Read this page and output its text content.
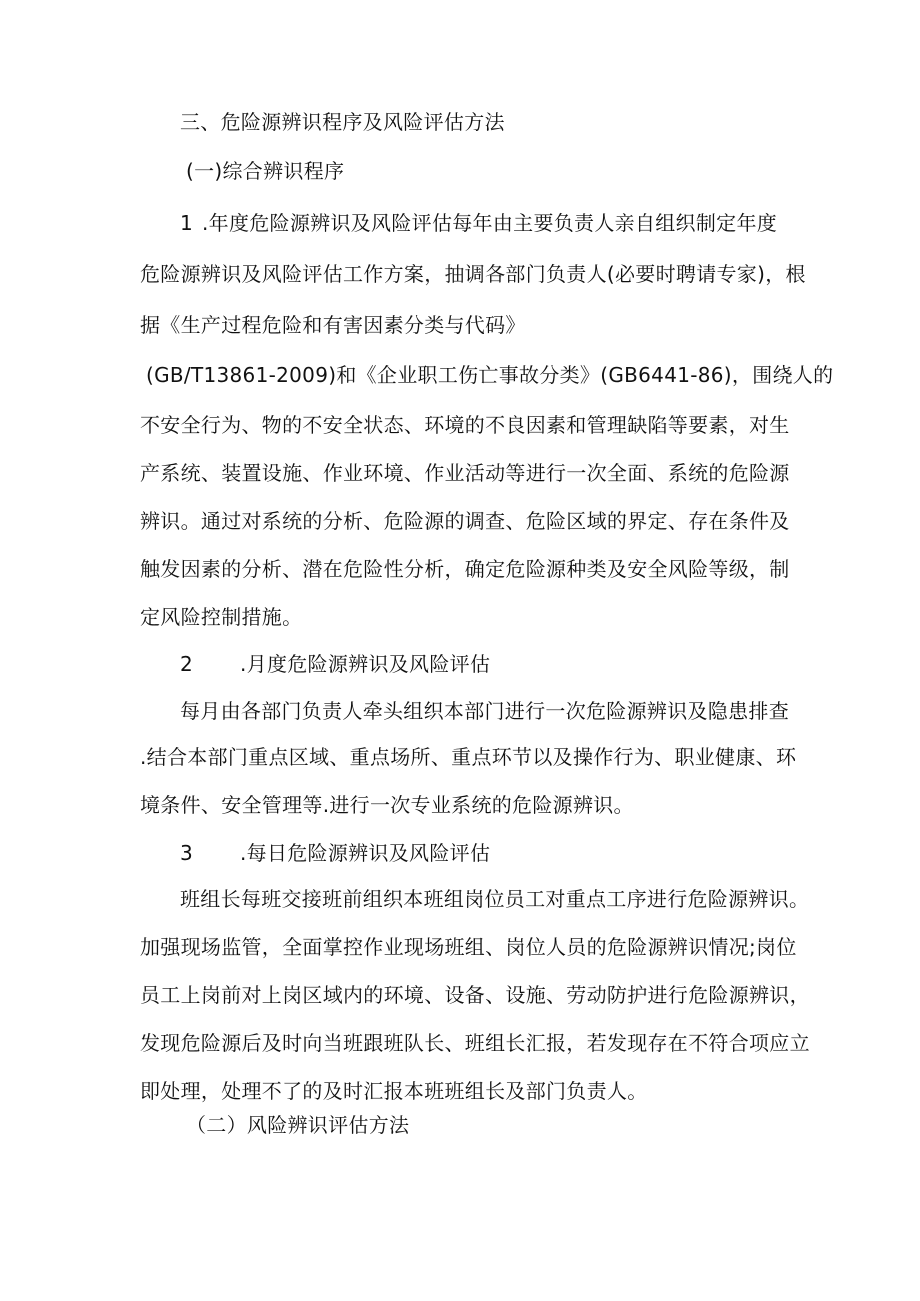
三、危险源辨识程序及风险评估方法
(一)综合辨识程序
1 .年度危险源辨识及风险评估每年由主要负责人亲自组织制定年度
危险源辨识及风险评估工作方案，抽调各部门负责人(必要时聘请专家)，根
据《生产过程危险和有害因素分类与代码》
(GB/T13861-2009)和《企业职工伤亡事故分类》(GB6441-86)，围绕人的
不安全行为、物的不安全状态、环境的不良因素和管理缺陷等要素，对生
产系统、装置设施、作业环境、作业活动等进行一次全面、系统的危险源
辨识。通过对系统的分析、危险源的调查、危险区域的界定、存在条件及
触发因素的分析、潜在危险性分析，确定危险源种类及安全风险等级，制
定风险控制措施。
2 .月度危险源辨识及风险评估
每月由各部门负责人牵头组织本部门进行一次危险源辨识及隐患排查
.结合本部门重点区域、重点场所、重点环节以及操作行为、职业健康、环
境条件、安全管理等.进行一次专业系统的危险源辨识。
3 .每日危险源辨识及风险评估
班组长每班交接班前组织本班组岗位员工对重点工序进行危险源辨识。
加强现场监管，全面掌控作业现场班组、岗位人员的危险源辨识情况;岗位
员工上岗前对上岗区域内的环境、设备、设施、劳动防护进行危险源辨识，
发现危险源后及时向当班跟班队长、班组长汇报，若发现存在不符合项应立
即处理，处理不了的及时汇报本班班组长及部门负责人。
（二）风险辨识评估方法
